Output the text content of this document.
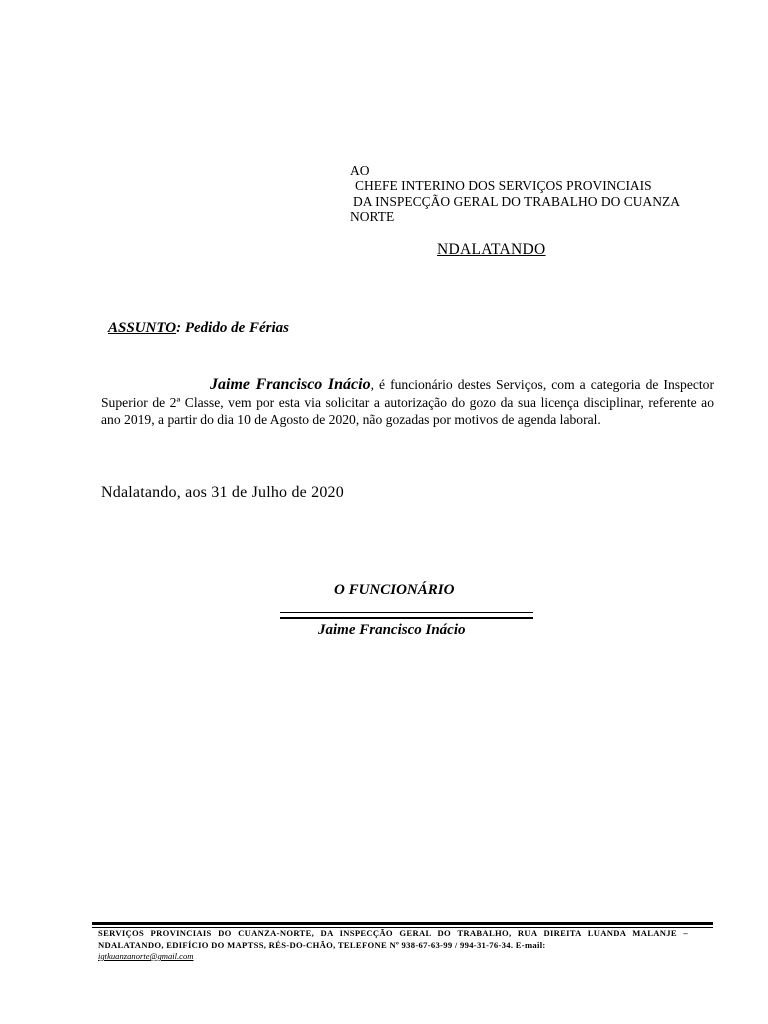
AO
CHEFE INTERINO DOS SERVIÇOS PROVINCIAIS
DA INSPECÇÃO GERAL DO TRABALHO DO CUANZA
NORTE
NDALATANDO
ASSUNTO: Pedido de Férias
Jaime Francisco Inácio, é funcionário destes Serviços, com a categoria de Inspector Superior de 2ª Classe, vem por esta via solicitar a autorização do gozo da sua licença disciplinar, referente ao ano 2019, a partir do dia 10 de Agosto de 2020, não gozadas por motivos de agenda laboral.
Ndalatando, aos 31 de Julho de 2020
O FUNCIONÁRIO
Jaime Francisco Inácio
SERVIÇOS PROVINCIAIS DO CUANZA-NORTE, DA INSPECÇÃO GERAL DO TRABALHO, RUA DIREITA LUANDA MALANJE – NDALATANDO, EDIFÍCIO DO MAPTSS, RÉS-DO-CHÃO, TELEFONE Nº 938-67-63-99 / 994-31-76-34. E-mail:
igtkuanzanorte@gmail.com
